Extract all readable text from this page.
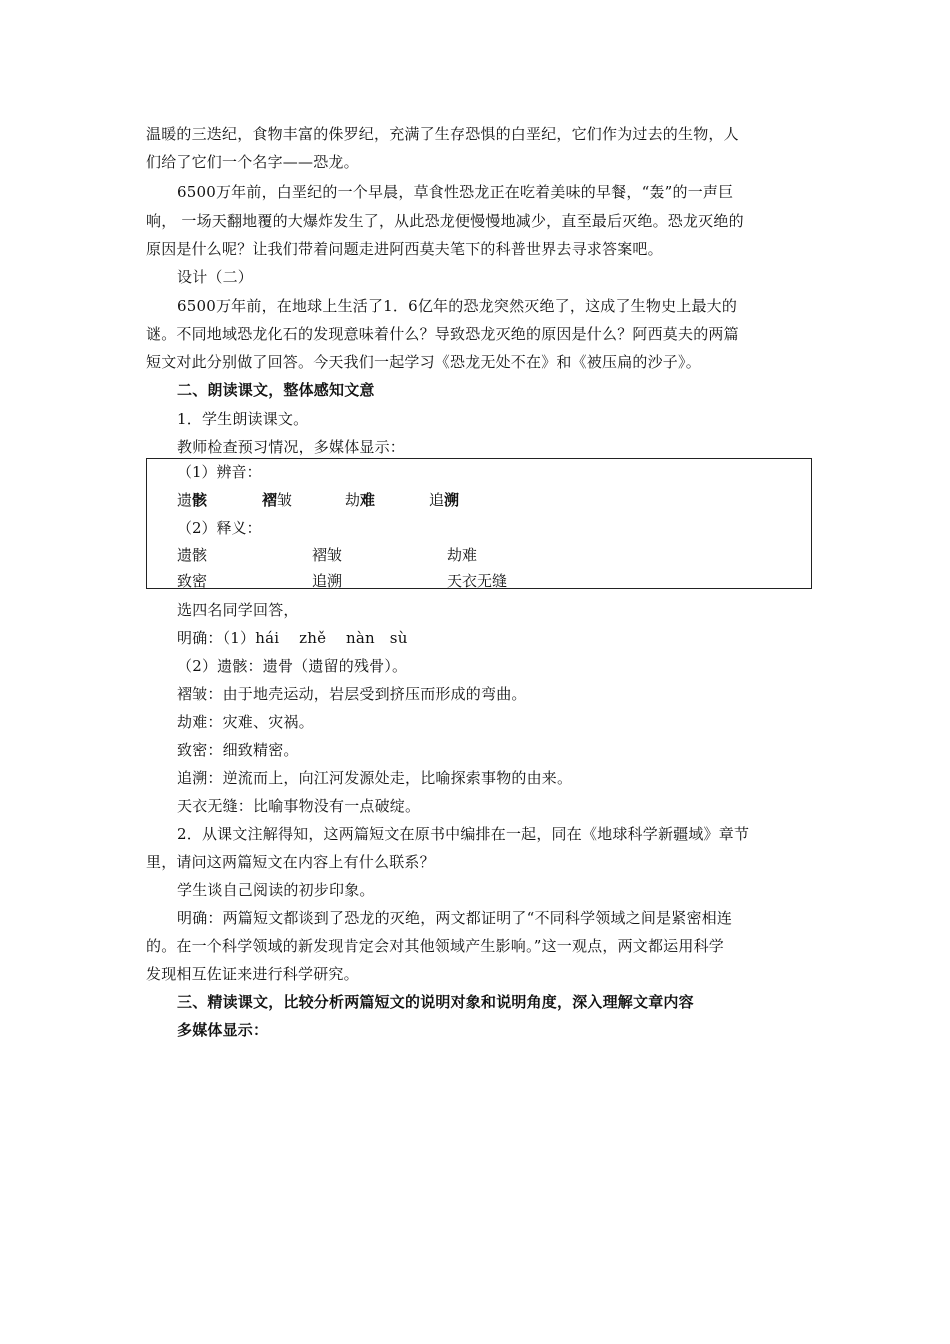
温暖的三迭纪，食物丰富的侏罗纪，充满了生存恐惧的白垩纪，它们作为过去的生物，人
们给了它们一个名字——恐龙。
6500万年前，白垩纪的一个早晨，草食性恐龙正在吃着美味的早餐，“轰”的一声巨
响， 一场天翻地覆的大爆炸发生了，从此恐龙便慢慢地减少，直至最后灭绝。恐龙灭绝的
原因是什么呢？让我们带着问题走进阿西莫夫笔下的科普世界去寻求答案吧。
设计（二）
6500万年前，在地球上生活了1．6亿年的恐龙突然灭绝了，这成了生物史上最大的
谜。不同地域恐龙化石的发现意味着什么？导致恐龙灭绝的原因是什么？阿西莫夫的两篇
短文对此分别做了回答。今天我们一起学习《恐龙无处不在》和《被压扁的沙子》。
二、朗读课文，整体感知文意
1．学生朗读课文。
教师检查预习情况，多媒体显示：
（1）辨音：
遗骸	褶皱	劫难	追溯
（2）释义：
遗骸	褶皱	劫难
致密	追溯	天衣无缝
选四名同学回答，
明确：（1）hái    zhě    nàn   sù
（2）遗骸：遗骨（遗留的残骨）。
褶皱：由于地壳运动，岩层受到挤压而形成的弯曲。
劫难：灾难、灾祸。
致密：细致精密。
追溯：逆流而上，向江河发源处走，比喻探索事物的由来。
天衣无缝：比喻事物没有一点破绽。
2．从课文注解得知，这两篇短文在原书中编排在一起，同在《地球科学新疆域》章节
里，请问这两篇短文在内容上有什么联系？
学生谈自己阅读的初步印象。
明确：两篇短文都谈到了恐龙的灭绝，两文都证明了“不同科学领域之间是紧密相连
的。在一个科学领域的新发现肯定会对其他领域产生影响。”这一观点，两文都运用科学
发现相互佐证来进行科学研究。
三、精读课文，比较分析两篇短文的说明对象和说明角度，深入理解文章内容
多媒体显示：
